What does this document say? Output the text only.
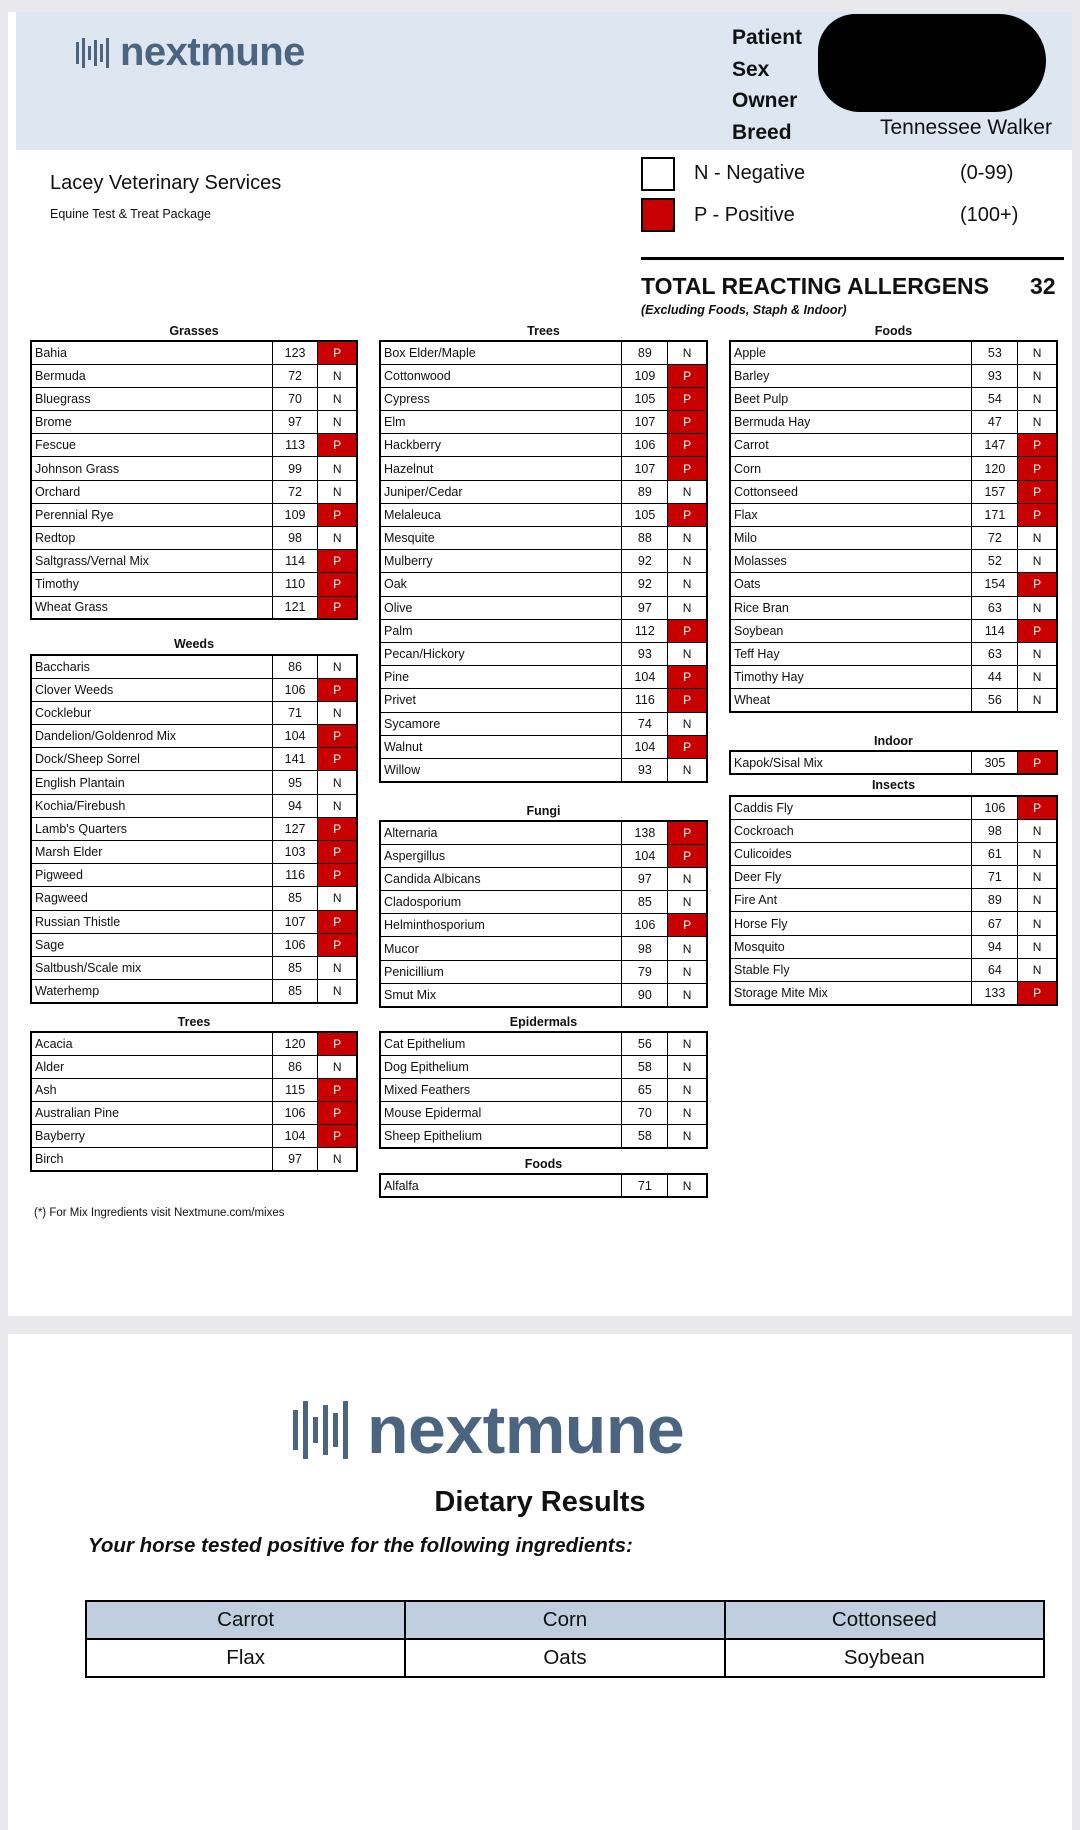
nextmune	Patient
Sex
Owner
Breed	Tennessee Walker
Lacey Veterinary Services
Equine Test & Treat Package
N - Negative	(0-99)
P - Positive	(100+)
TOTAL REACTING ALLERGENS 32
(Excluding Foods, Staph & Indoor)
Grasses
Bahia	123	P
Bermuda	72	N
Bluegrass	70	N
Brome	97	N
Fescue	113	P
Johnson Grass	99	N
Orchard	72	N
Perennial Rye	109	P
Redtop	98	N
Saltgrass/Vernal Mix	114	P
Timothy	110	P
Wheat Grass	121	P
Weeds
Baccharis	86	N
Clover Weeds	106	P
Cocklebur	71	N
Dandelion/Goldenrod Mix	104	P
Dock/Sheep Sorrel	141	P
English Plantain	95	N
Kochia/Firebush	94	N
Lamb's Quarters	127	P
Marsh Elder	103	P
Pigweed	116	P
Ragweed	85	N
Russian Thistle	107	P
Sage	106	P
Saltbush/Scale mix	85	N
Waterhemp	85	N
Trees
Acacia	120	P
Alder	86	N
Ash	115	P
Australian Pine	106	P
Bayberry	104	P
Birch	97	N
(*) For Mix Ingredients visit Nextmune.com/mixes
Trees
Box Elder/Maple	89	N
Cottonwood	109	P
Cypress	105	P
Elm	107	P
Hackberry	106	P
Hazelnut	107	P
Juniper/Cedar	89	N
Melaleuca	105	P
Mesquite	88	N
Mulberry	92	N
Oak	92	N
Olive	97	N
Palm	112	P
Pecan/Hickory	93	N
Pine	104	P
Privet	116	P
Sycamore	74	N
Walnut	104	P
Willow	93	N
Fungi
Alternaria	138	P
Aspergillus	104	P
Candida Albicans	97	N
Cladosporium	85	N
Helminthosporium	106	P
Mucor	98	N
Penicillium	79	N
Smut Mix	90	N
Epidermals
Cat Epithelium	56	N
Dog Epithelium	58	N
Mixed Feathers	65	N
Mouse Epidermal	70	N
Sheep Epithelium	58	N
Foods
Alfalfa	71	N
Foods
Apple	53	N
Barley	93	N
Beet Pulp	54	N
Bermuda Hay	47	N
Carrot	147	P
Corn	120	P
Cottonseed	157	P
Flax	171	P
Milo	72	N
Molasses	52	N
Oats	154	P
Rice Bran	63	N
Soybean	114	P
Teff Hay	63	N
Timothy Hay	44	N
Wheat	56	N
Indoor
Kapok/Sisal Mix	305	P
Insects
Caddis Fly	106	P
Cockroach	98	N
Culicoides	61	N
Deer Fly	71	N
Fire Ant	89	N
Horse Fly	67	N
Mosquito	94	N
Stable Fly	64	N
Storage Mite Mix	133	P
nextmune
Dietary Results
Your horse tested positive for the following ingredients:
Carrot	Corn	Cottonseed
Flax	Oats	Soybean
